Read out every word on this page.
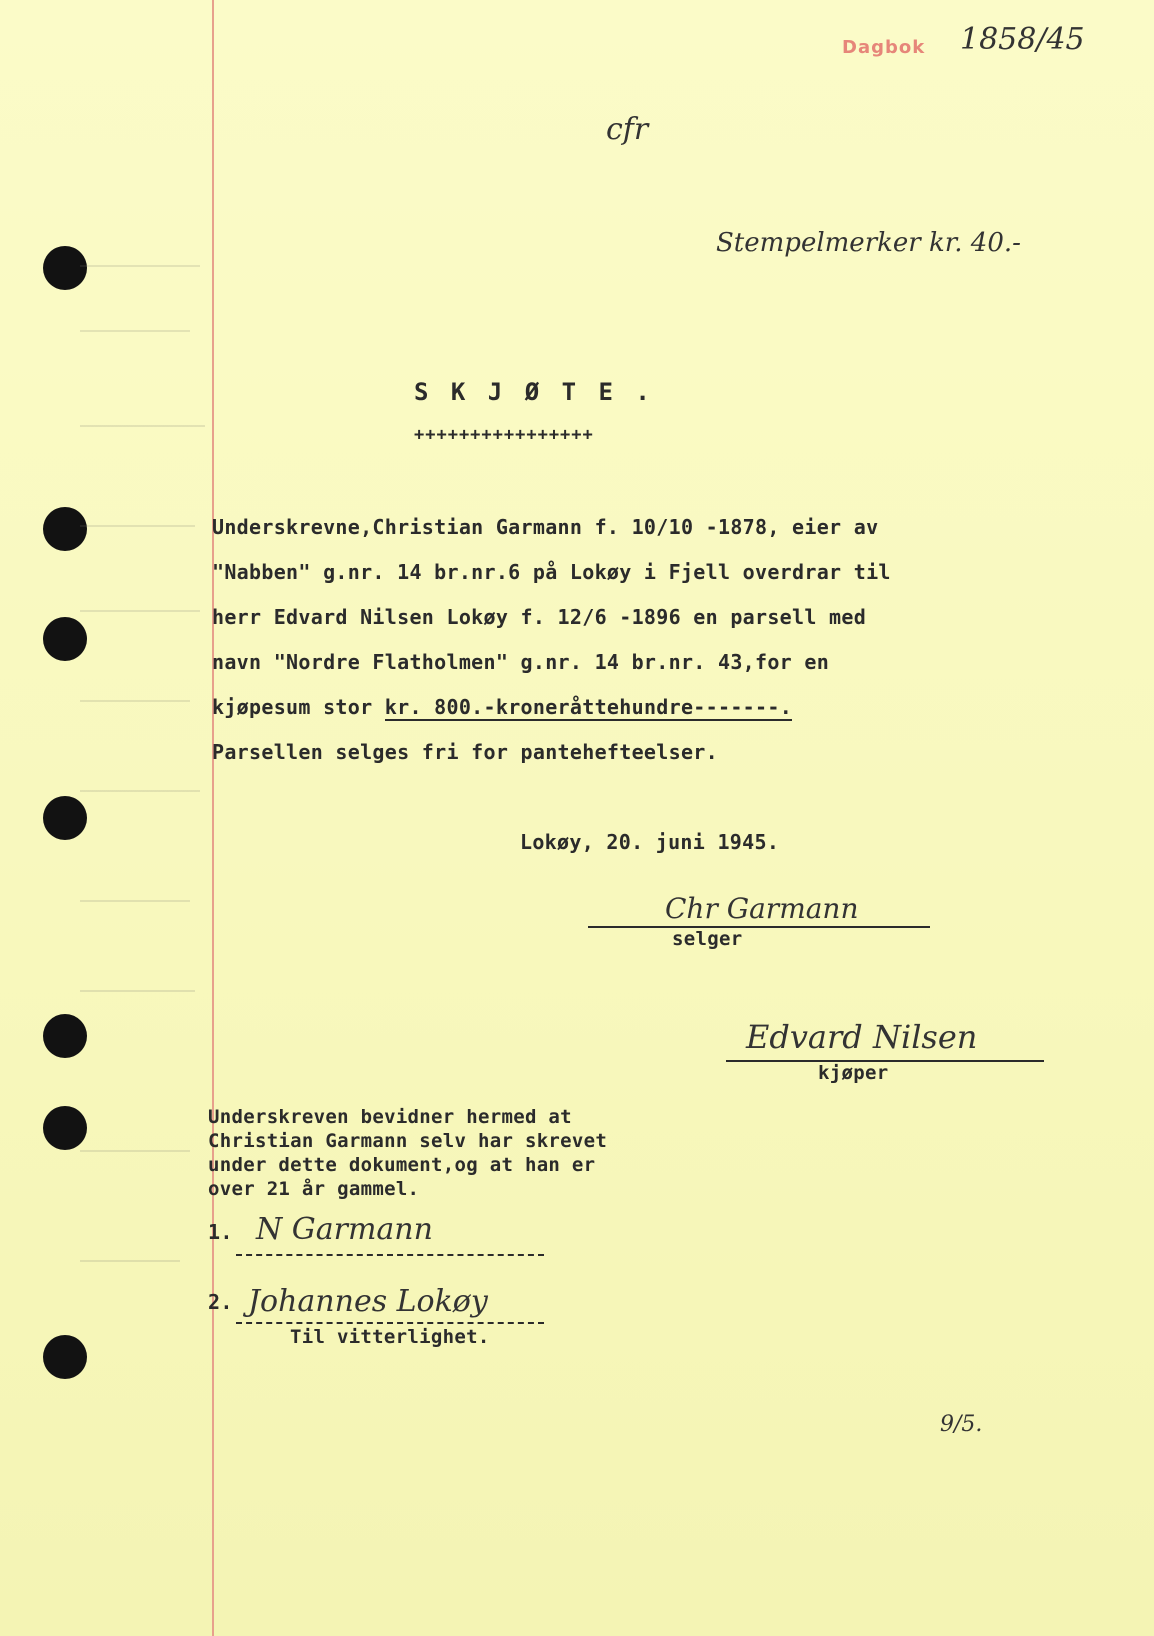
Dagbok 1858/45
cfr
Stempelmerker kr. 40.-
S K J Ø T E .
++++++++++++++++
Underskrevne,Christian Garmann f. 10/10 -1878, eier av
"Nabben" g.nr. 14 br.nr.6 på Lokøy i Fjell overdrar til
herr Edvard Nilsen Lokøy f. 12/6 -1896 en parsell med
navn "Nordre Flatholmen" g.nr. 14 br.nr. 43,for en
kjøpesum stor kr. 800.-kroneråttehundre-------.
Parsellen selges fri for pantehefteelser.
Lokøy, 20. juni 1945.
Chr Garmann
selger
Edvard Nilsen
kjøper
Underskreven bevidner hermed at
Christian Garmann selv har skrevet
under dette dokument,og at han er
over 21 år gammel.
1. N Garmann
2. Johannes Lokøy
Til vitterlighet.
9/5.
